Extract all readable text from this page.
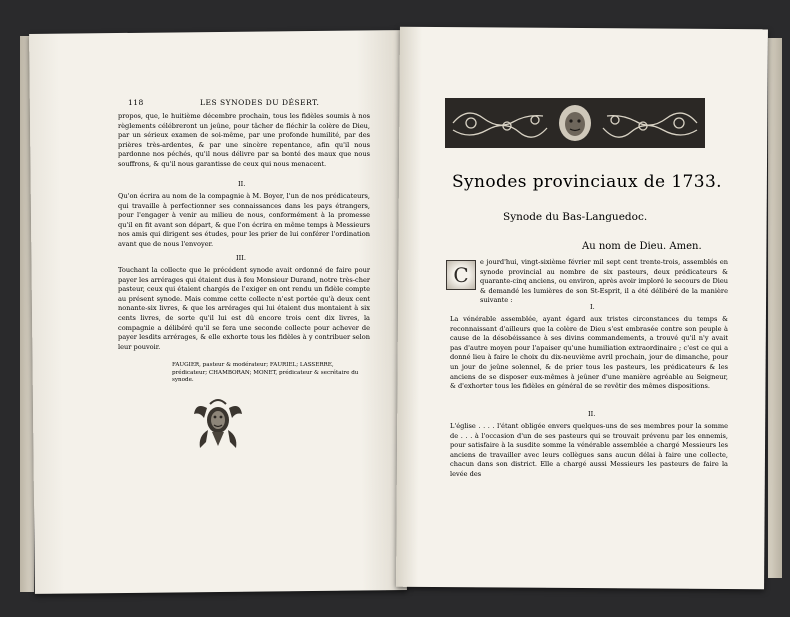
118	LES SYNODES DU DÉSERT.

propos, que, le huitième décembre prochain, tous les fidèles soumis à nos règlements célébreront un jeûne, pour tâcher de fléchir la colère de Dieu, par un sérieux examen de soi-même, par une profonde humilité, par des prières très-ardentes, & par une sincère repentance, afin qu'il nous pardonne nos péchés, qu'il nous délivre par sa bonté des maux que nous souffrons, & qu'il nous garantisse de ceux qui nous menacent.

II.

Qu'on écrira au nom de la compagnie à M. Boyer, l'un de nos prédicateurs, qui travaille à perfectionner ses connaissances dans les pays étrangers, pour l'engager à venir au milieu de nous, conformément à la promesse qu'il en fit avant son départ, & que l'on écrira en même temps à Messieurs nos amis qui dirigent ses études, pour les prier de lui conférer l'ordination avant que de nous l'envoyer.

III.

Touchant la collecte que le précédent synode avait ordonné de faire pour payer les arrérages qui étaient dus à feu Monsieur Durand, notre très-cher pasteur, ceux qui étaient chargés de l'exiger en ont rendu un fidèle compte au présent synode. Mais comme cette collecte n'est portée qu'à deux cent nonante-six livres, & que les arrérages qui lui étaient dus montaient à six cents livres, de sorte qu'il lui est dû encore trois cent dix livres, la compagnie a délibéré qu'il se fera une seconde collecte pour achever de payer lesdits arrérages, & elle exhorte tous les fidèles à y contribuer selon leur pouvoir.

FAUGIER, pasteur & modérateur; FAURIEL; LASSERRE, prédicateur; CHAMBORAN; MONET, prédicateur & secrétaire du synode.

Synodes provinciaux de 1733.
Synode du Bas-Languedoc.

Au nom de Dieu. Amen.

C

e jourd'hui, vingt-sixième février mil sept cent trente-trois, assemblés en synode provincial au nombre de six pasteurs, deux prédicateurs & quarante-cinq anciens, ou environ, après avoir imploré le secours de Dieu & demandé les lumières de son St-Esprit, il a été délibéré de la manière suivante :

I.

La vénérable assemblée, ayant égard aux tristes circonstances du temps & reconnaissant d'ailleurs que la colère de Dieu s'est embrasée contre son peuple à cause de la désobéissance à ses divins commandements, a trouvé qu'il n'y avait pas d'autre moyen pour l'apaiser qu'une humiliation extraordinaire ; c'est ce qui a donné lieu à faire le choix du dix-neuvième avril prochain, jour de dimanche, pour un jour de jeûne solennel, & de prier tous les pasteurs, les prédicateurs & les anciens de se disposer eux-mêmes à jeûner d'une manière agréable au Seigneur, & d'exhorter tous les fidèles en général de se revêtir des mêmes dispositions.

II.

L'église . . . . l'étant obligée envers quelques-uns de ses membres pour la somme de . . . à l'occasion d'un de ses pasteurs qui se trouvait prévenu par les ennemis, pour satisfaire à la susdite somme la vénérable assemblée a chargé Messieurs les anciens de travailler avec leurs collègues sans aucun délai à faire une collecte, chacun dans son district. Elle a chargé aussi Messieurs les pasteurs de faire la levée des
